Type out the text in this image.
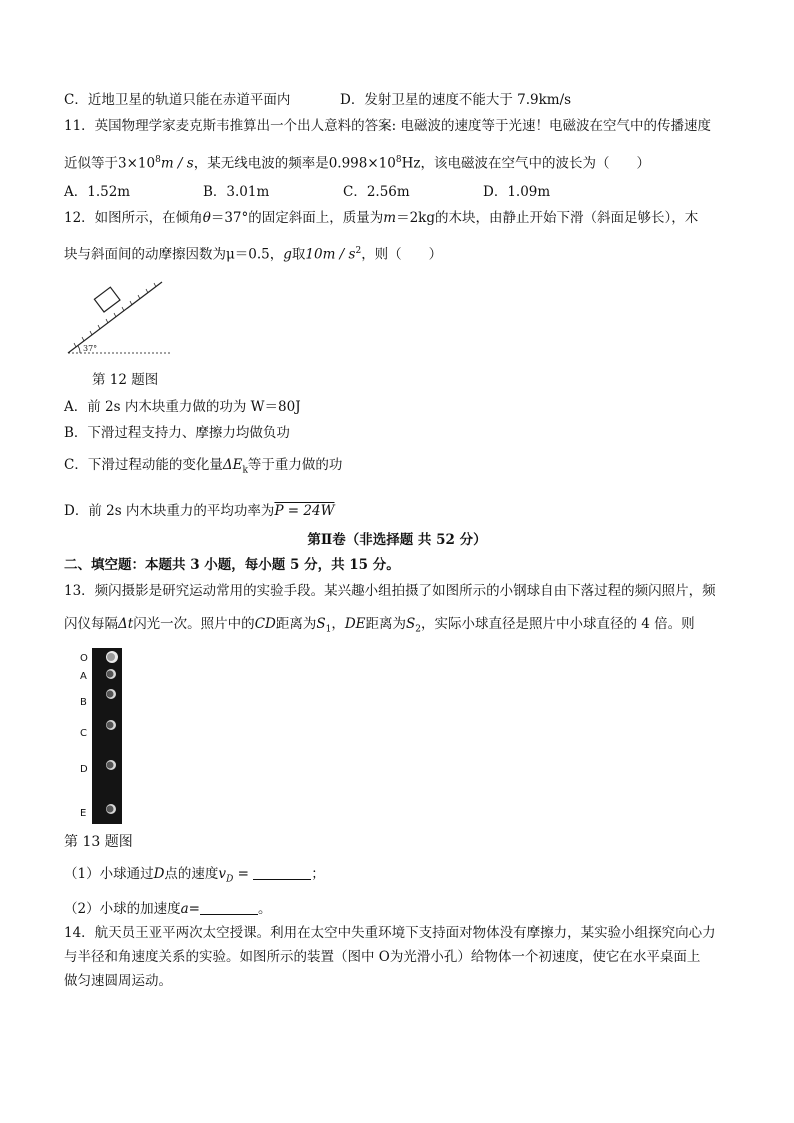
C．近地卫星的轨道只能在赤道平面内	D．发射卫星的速度不能大于 7.9km/s
11．英国物理学家麦克斯韦推算出一个出人意料的答案: 电磁波的速度等于光速！电磁波在空气中的传播速度
近似等于$3\times 10^8m / s$，某无线电波的频率是$0.998\times 10^8Hz$，该电磁波在空气中的波长为（　　）
A．1.52m	B．3.01m	C．2.56m	D．1.09m
12．如图所示，在倾角θ＝37°的固定斜面上，质量为m＝2kg的木块，由静止开始下滑（斜面足够长），木
块与斜面间的动摩擦因数为μ＝0.5，g取$10m / s^2$，则（　　）
37°
第 12 题图
A．前 2s 内木块重力做的功为 W＝80J
B．下滑过程支持力、摩擦力均做负功
C．下滑过程动能的变化量$\Delta E_k$等于重力做的功
D．前 2s 内木块重力的平均功率为P = 24W
第Ⅱ卷（非选择题 共 52 分）
二、填空题：本题共 3 小题，每小题 5 分，共 15 分。
13．频闪摄影是研究运动常用的实验手段。某兴趣小组拍摄了如图所示的小钢球自由下落过程的频闪照片，频
闪仪每隔Δt闪光一次。照片中的CD距离为$S_1$，DE距离为$S_2$，实际小球直径是照片中小球直径的 4 倍。则
O
A
B
C
D
E
第 13 题图
（1）小球通过D点的速度$v_D$ =	；
（2）小球的加速度a=	。
14．航天员王亚平两次太空授课。利用在太空中失重环境下支持面对物体没有摩擦力，某实验小组探究向心力
与半径和角速度关系的实验。如图所示的装置（图中 O为光滑小孔）给物体一个初速度，使它在水平桌面上
做匀速圆周运动。
